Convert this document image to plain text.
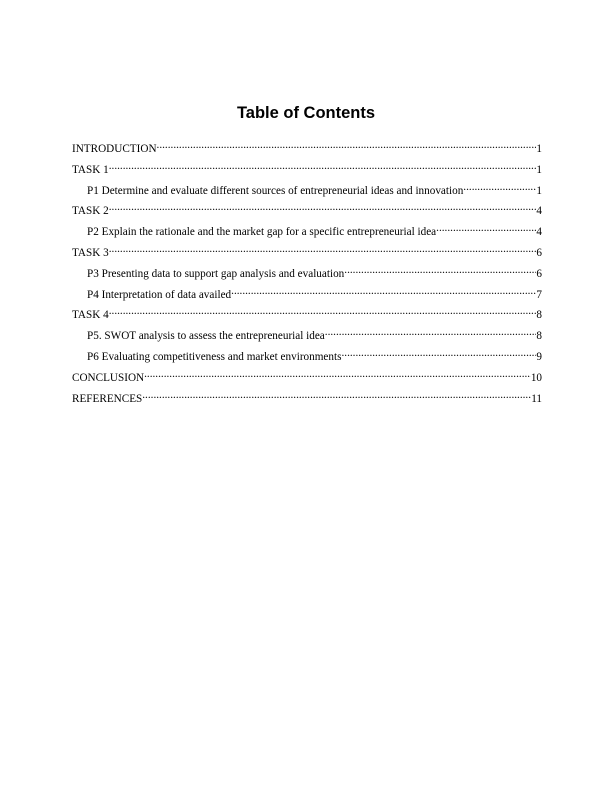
Table of Contents
INTRODUCTION .....	1
TASK 1 .....	1
P1 Determine and evaluate different sources of entrepreneurial ideas and innovation .....	1
TASK 2 .....	4
P2 Explain the rationale and the market gap for a specific entrepreneurial idea .....	4
TASK 3 .....	6
P3 Presenting data to support gap analysis and evaluation .....	6
P4 Interpretation of data availed .....	7
TASK 4 .....	8
P5. SWOT analysis to assess the entrepreneurial idea .....	8
P6 Evaluating competitiveness and market environments .....	9
CONCLUSION .....	10
REFERENCES .....	11
